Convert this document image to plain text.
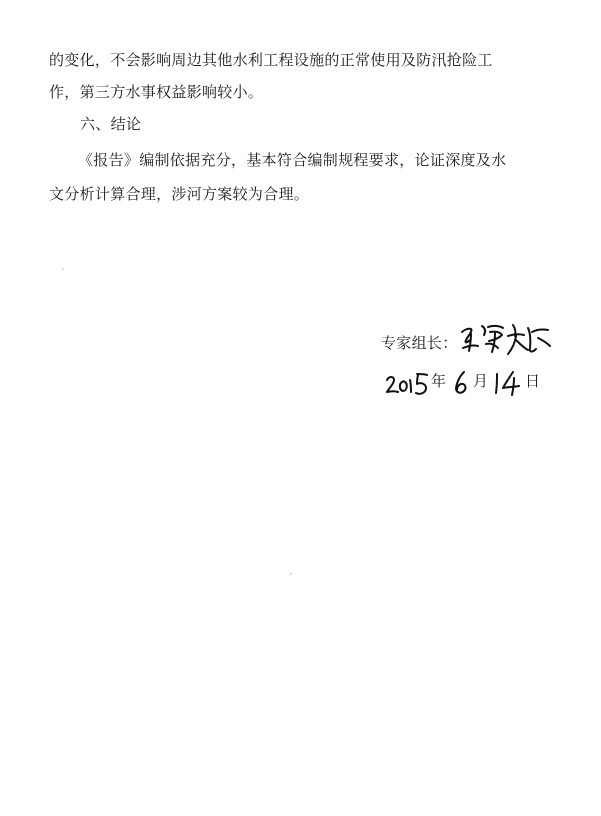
的变化，不会影响周边其他水利工程设施的正常使用及防汛抢险工
作，第三方水事权益影响较小。
六、结论
《报告》编制依据充分，基本符合编制规程要求，论证深度及水
文分析计算合理，涉河方案较为合理。
专家组长：
年 月 日
